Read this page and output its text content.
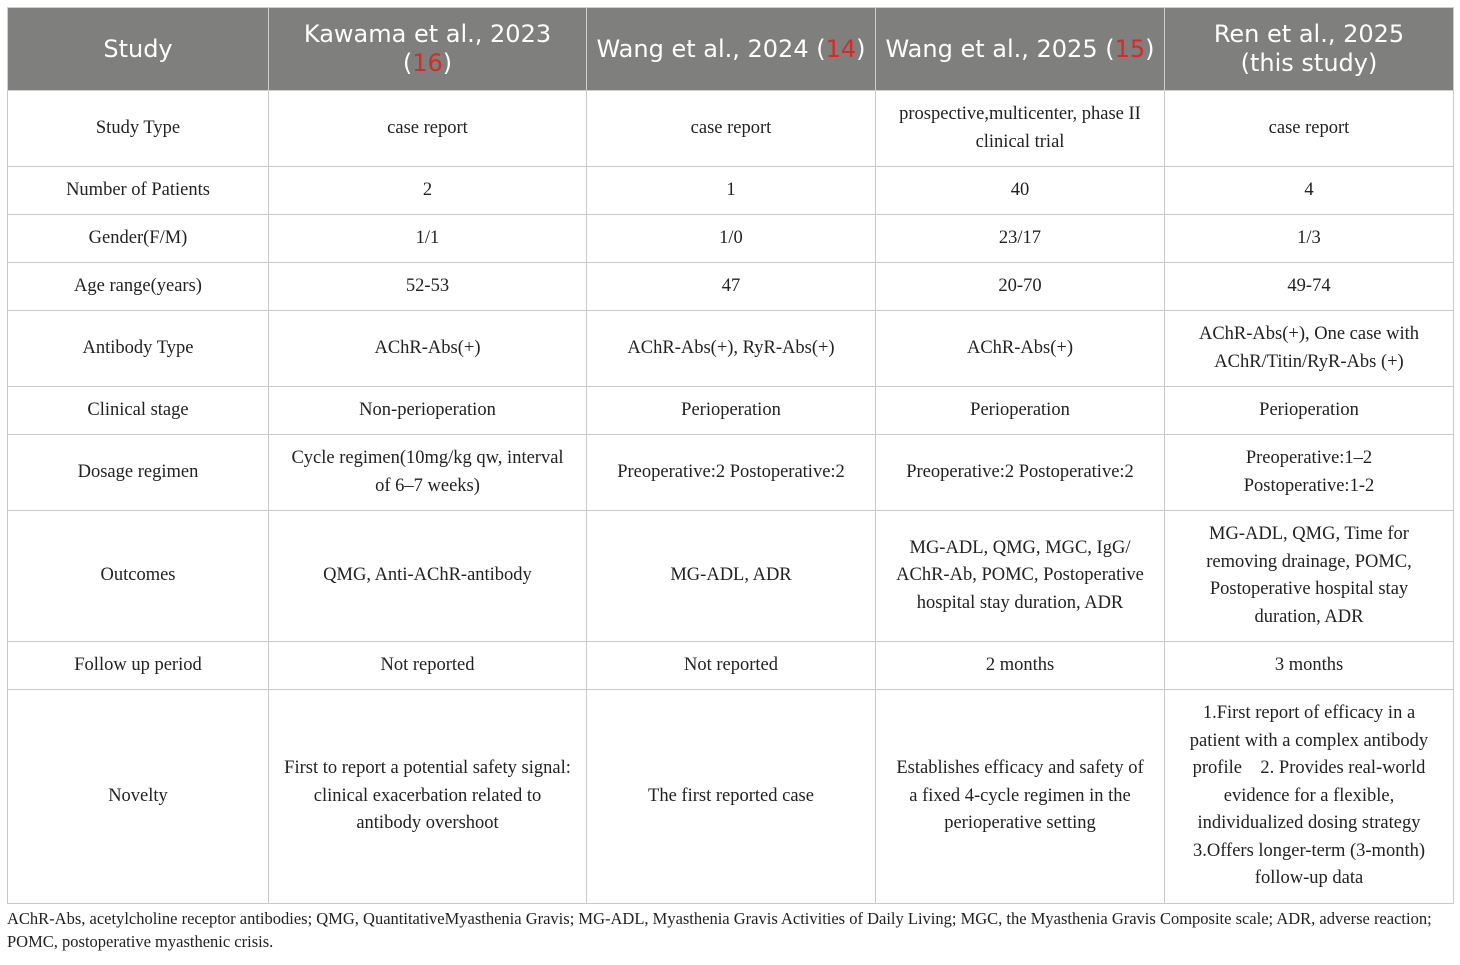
Study	Kawama et al., 2023 (16)	Wang et al., 2024 (14)	Wang et al., 2025 (15)	Ren et al., 2025
(this study)

Study Type	case report	case report	prospective,multicenter, phase II clinical trial	case report
Number of Patients	2	1	40	4
Gender(F/M)	1/1	1/0	23/17	1/3
Age range(years)	52-53	47	20-70	49-74
Antibody Type	AChR-Abs(+)	AChR-Abs(+), RyR-Abs(+)	AChR-Abs(+)	AChR-Abs(+), One case with AChR/Titin/RyR-Abs (+)
Clinical stage	Non-perioperation	Perioperation	Perioperation	Perioperation
Dosage regimen	Cycle regimen(10mg/kg qw, interval of 6–7 weeks)	Preoperative:2 Postoperative:2	Preoperative:2 Postoperative:2	Preoperative:1–2
Postoperative:1-2

Outcomes	QMG, Anti-AChR-antibody	MG-ADL, ADR	MG-ADL, QMG, MGC, IgG/ AChR-Ab, POMC, Postoperative hospital stay duration, ADR	MG-ADL, QMG, Time for removing drainage, POMC, Postoperative hospital stay duration, ADR
Follow up period	Not reported	Not reported	2 months	3 months
Novelty	First to report a potential safety signal: clinical exacerbation related to antibody overshoot	The first reported case	Establishes efficacy and safety of a fixed 4-cycle regimen in the perioperative setting	1.First report of efficacy in a patient with a complex antibody profile　2. Provides real-world evidence for a flexible, individualized dosing strategy　3.Offers longer-term (3-month) follow-up data
AChR-Abs, acetylcholine receptor antibodies; QMG, QuantitativeMyasthenia Gravis; MG-ADL, Myasthenia Gravis Activities of Daily Living; MGC, the Myasthenia Gravis Composite scale; ADR, adverse reaction; POMC, postoperative myasthenic crisis.
